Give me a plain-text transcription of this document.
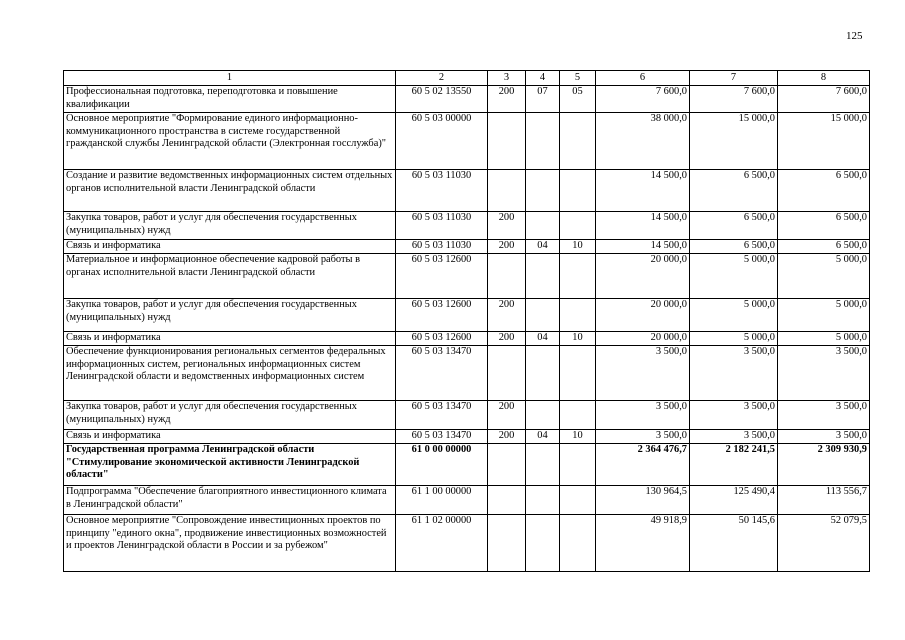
125
1	2	3	4	5	6	7	8
Профессиональная подготовка, переподготовка и повышение квалификации	60 5 02 13550	200	07	05	7 600,0	7 600,0	7 600,0
Основное мероприятие "Формирование единого информационно-коммуникационного пространства в системе государственной гражданской службы Ленинградской области (Электронная госслужба)"	60 5 03 00000				38 000,0	15 000,0	15 000,0
Создание и развитие ведомственных информационных систем отдельных органов исполнительной власти Ленинградской области	60 5 03 11030				14 500,0	6 500,0	6 500,0
Закупка товаров, работ и услуг для обеспечения государственных (муниципальных) нужд	60 5 03 11030	200			14 500,0	6 500,0	6 500,0
Связь и информатика	60 5 03 11030	200	04	10	14 500,0	6 500,0	6 500,0
Материальное и информационное обеспечение кадровой работы в органах исполнительной власти Ленинградской области	60 5 03 12600				20 000,0	5 000,0	5 000,0
Закупка товаров, работ и услуг для обеспечения государственных (муниципальных) нужд	60 5 03 12600	200			20 000,0	5 000,0	5 000,0
Связь и информатика	60 5 03 12600	200	04	10	20 000,0	5 000,0	5 000,0
Обеспечение функционирования региональных сегментов федеральных информационных систем, региональных информационных систем Ленинградской области и ведомственных информационных систем	60 5 03 13470				3 500,0	3 500,0	3 500,0
Закупка товаров, работ и услуг для обеспечения государственных (муниципальных) нужд	60 5 03 13470	200			3 500,0	3 500,0	3 500,0
Связь и информатика	60 5 03 13470	200	04	10	3 500,0	3 500,0	3 500,0
Государственная программа Ленинградской области "Стимулирование экономической активности Ленинградской области"	61 0 00 00000				2 364 476,7	2 182 241,5	2 309 930,9
Подпрограмма "Обеспечение благоприятного инвестиционного климата в Ленинградской области"	61 1 00 00000				130 964,5	125 490,4	113 556,7
Основное мероприятие "Сопровождение инвестиционных проектов по принципу "единого окна", продвижение инвестиционных возможностей и проектов Ленинградской области в России и за рубежом"	61 1 02 00000				49 918,9	50 145,6	52 079,5
